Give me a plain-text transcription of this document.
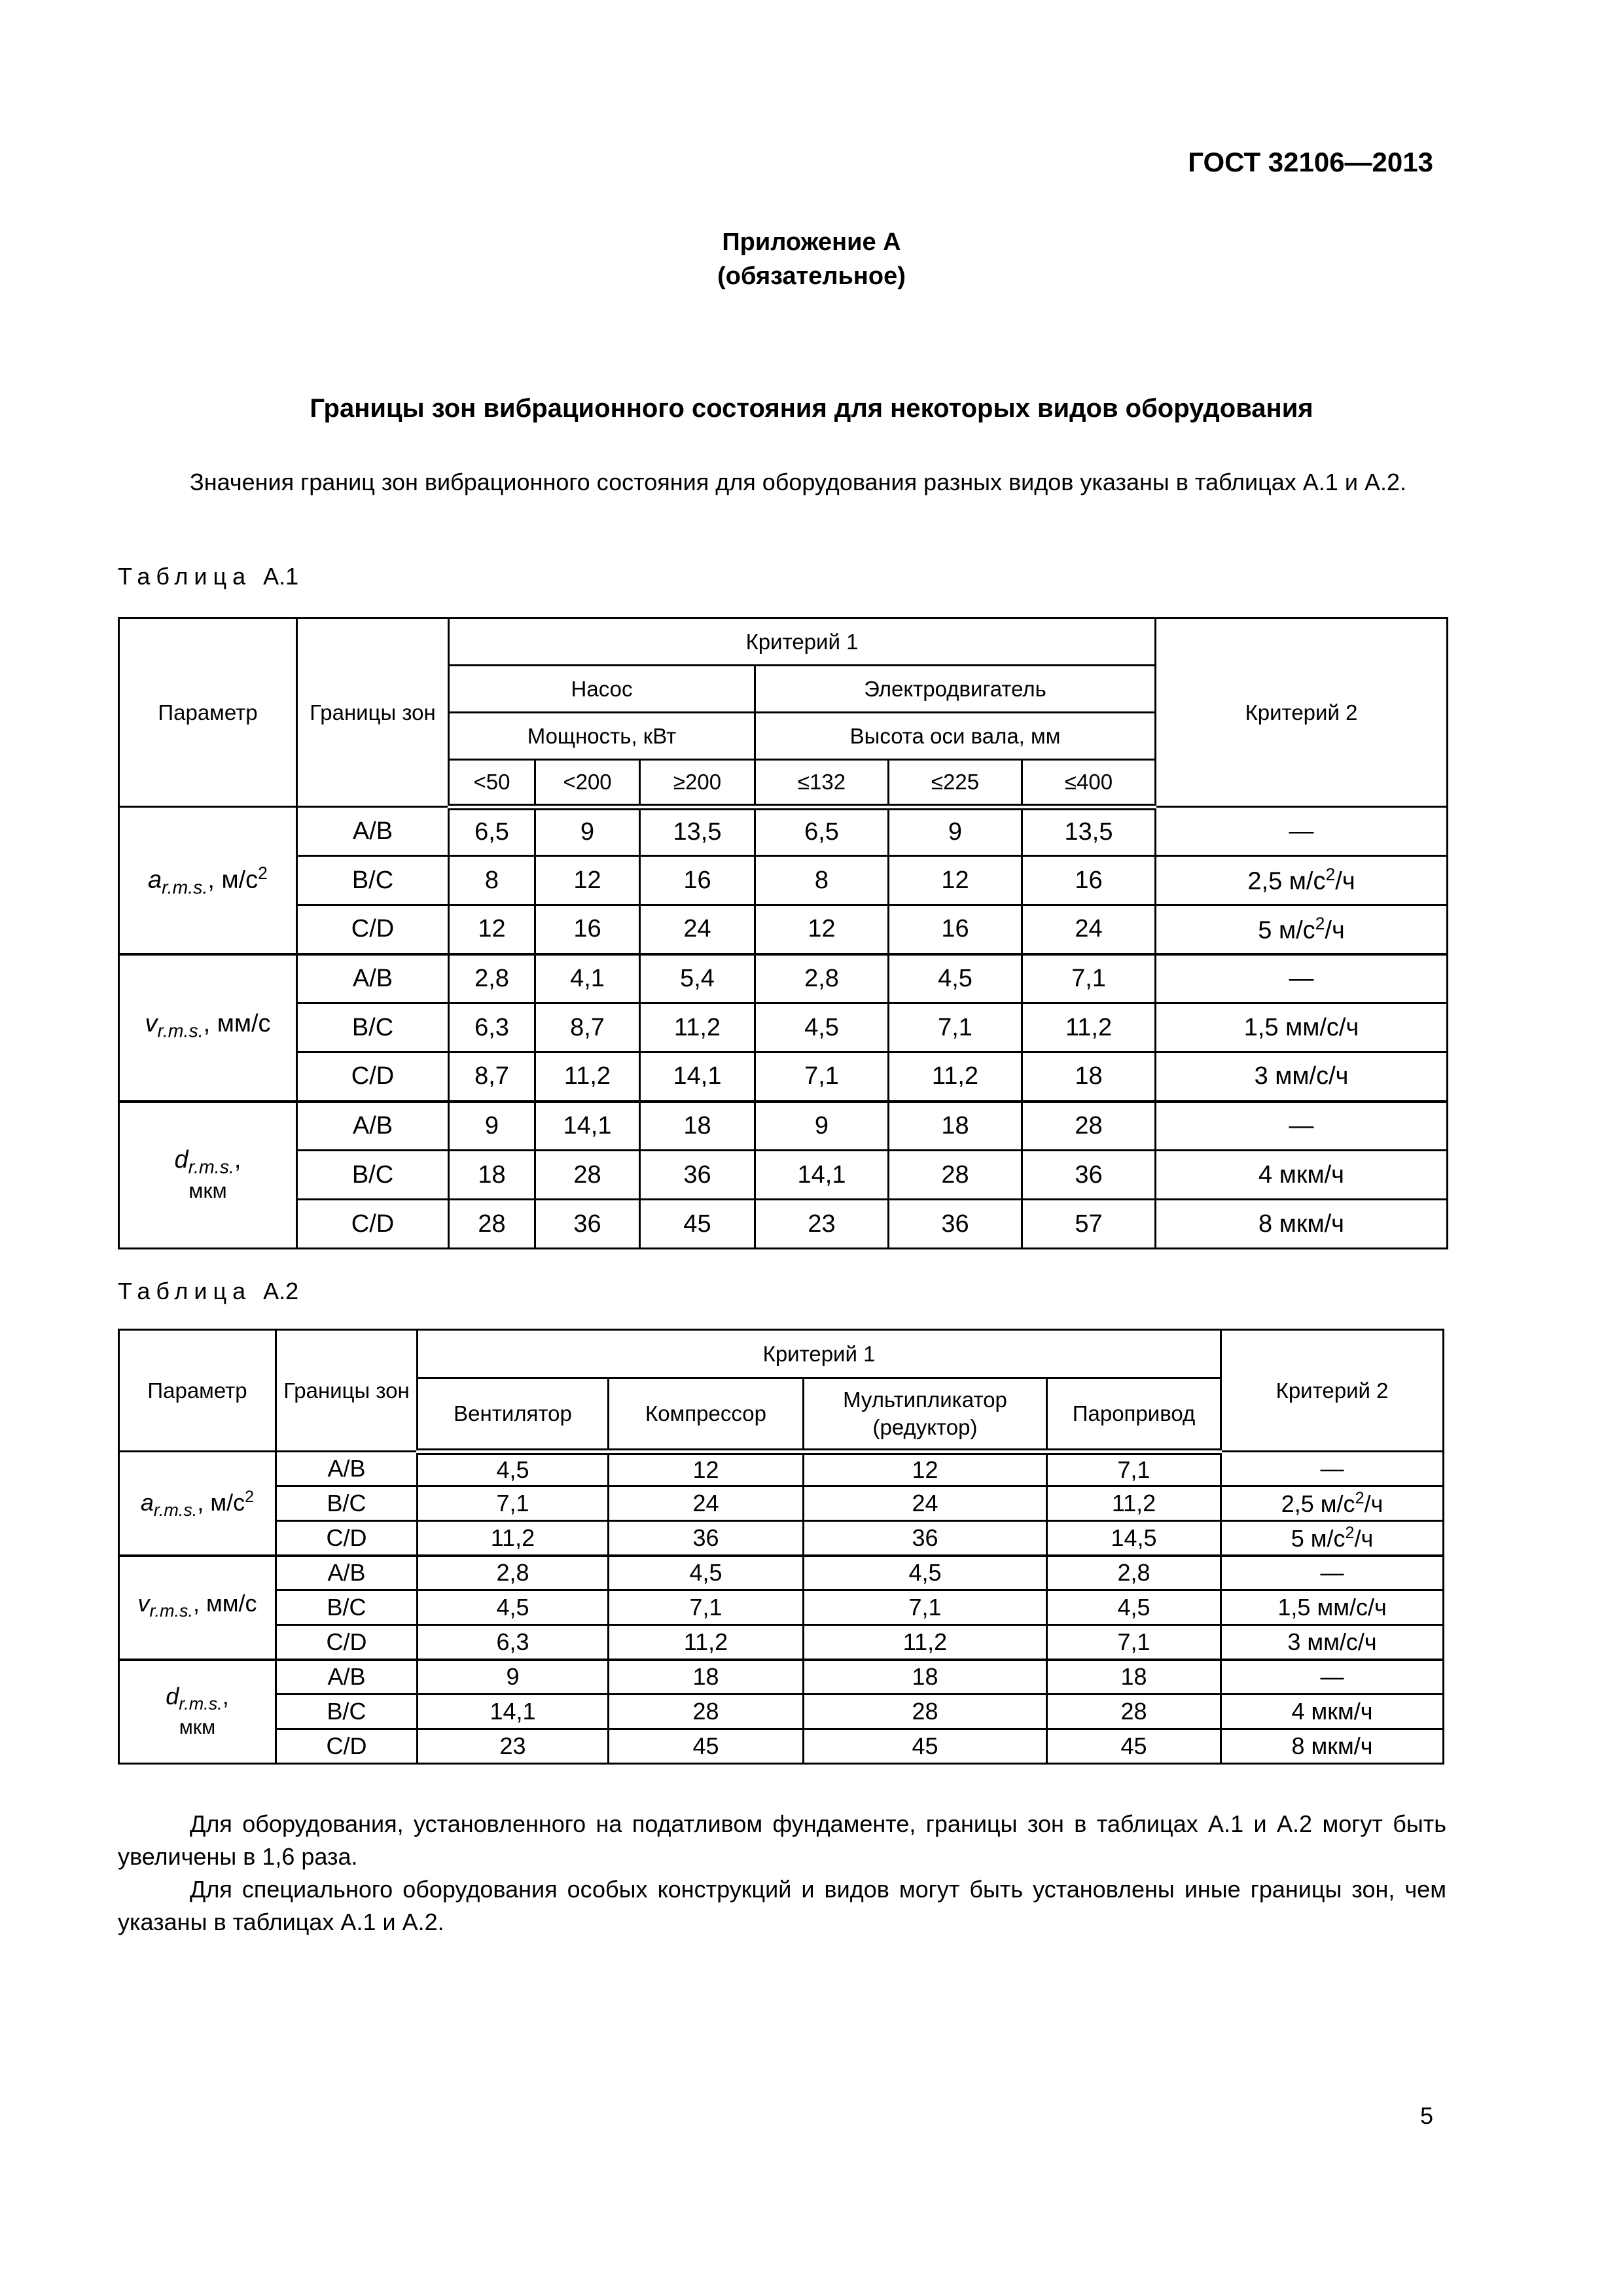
ГОСТ 32106—2013
Приложение А
(обязательное)
Границы зон вибрационного состояния для некоторых видов оборудования
Значения границ зон вибрационного состояния для оборудования разных видов указаны в таблицах А.1 и А.2.
Таблица А.1
Параметр	Границы зон	Критерий 1						Критерий 2
		Насос			Электродвигатель			
		Мощность, кВт			Высота оси вала, мм			
		<50	<200	≥200	≤132	≤225	≤400	

$a_{r.m.s.}$, $м/с^2$	A/B	6,5	9	13,5	6,5	9	13,5	—
	B/C	8	12	16	8	12	16	2,5 $м/с^2/ч$
	C/D	12	16	24	12	16	24	5 $м/с^2/ч$

$v_{r.m.s.}$, мм/с	A/B	2,8	4,1	5,4	2,8	4,5	7,1	—
	B/C	6,3	8,7	11,2	4,5	7,1	11,2	1,5 мм/с/ч
	C/D	8,7	11,2	14,1	7,1	11,2	18	3 мм/с/ч

$d_{r.m.s.}$,
мкм	A/B	9	14,1	18	9	18	28	—
	B/C	18	28	36	14,1	28	36	4 мкм/ч
	C/D	28	36	45	23	36	57	8 мкм/ч
Таблица А.2
Параметр	Границы зон	Критерий 1				Критерий 2
		Вентилятор	Компрессор	Мультипликатор (редуктор)	Паропривод	

$a_{r.m.s.}$, $м/с^2$	A/B	4,5	12	12	7,1	—
	B/C	7,1	24	24	11,2	2,5 $м/с^2/ч$
	C/D	11,2	36	36	14,5	5 $м/с^2/ч$

$v_{r.m.s.}$, мм/с	A/B	2,8	4,5	4,5	2,8	—
	B/C	4,5	7,1	7,1	4,5	1,5 мм/с/ч
	C/D	6,3	11,2	11,2	7,1	3 мм/с/ч

$d_{r.m.s.}$,
мкм	A/B	9	18	18	18	—
	B/C	14,1	28	28	28	4 мкм/ч
	C/D	23	45	45	45	8 мкм/ч
Для оборудования, установленного на податливом фундаменте, границы зон в таблицах А.1 и А.2 могут быть увеличены в 1,6 раза.
Для специального оборудования особых конструкций и видов могут быть установлены иные границы зон, чем указаны в таблицах А.1 и А.2.
5
